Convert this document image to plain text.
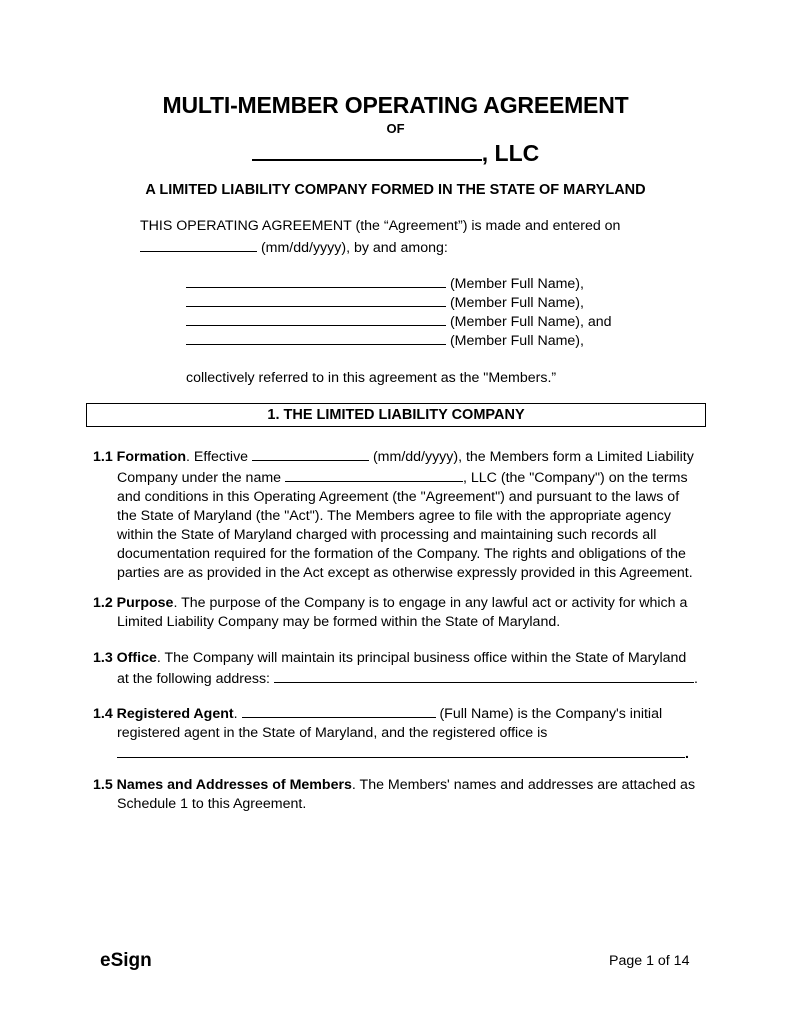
MULTI-MEMBER OPERATING AGREEMENT
OF
, LLC
A LIMITED LIABILITY COMPANY FORMED IN THE STATE OF MARYLAND
THIS OPERATING AGREEMENT (the “Agreement”) is made and entered on
(mm/dd/yyyy), by and among:
(Member Full Name),
(Member Full Name),
(Member Full Name), and
(Member Full Name),
collectively referred to in this agreement as the "Members.”
1. THE LIMITED LIABILITY COMPANY
1.1 Formation. Effective	(mm/dd/yyyy), the Members form a Limited Liability
Company under the name	, LLC (the "Company") on the terms
and conditions in this Operating Agreement (the "Agreement") and pursuant to the laws of
the State of Maryland (the "Act"). The Members agree to file with the appropriate agency
within the State of Maryland charged with processing and maintaining such records all
documentation required for the formation of the Company. The rights and obligations of the
parties are as provided in the Act except as otherwise expressly provided in this Agreement.
1.2 Purpose. The purpose of the Company is to engage in any lawful act or activity for which a
Limited Liability Company may be formed within the State of Maryland.
1.3 Office. The Company will maintain its principal business office within the State of Maryland
at the following address:	.
1.4 Registered Agent.	(Full Name) is the Company's initial
registered agent in the State of Maryland, and the registered office is
.
1.5 Names and Addresses of Members. The Members' names and addresses are attached as
Schedule 1 to this Agreement.
eSign	Page 1 of 14
